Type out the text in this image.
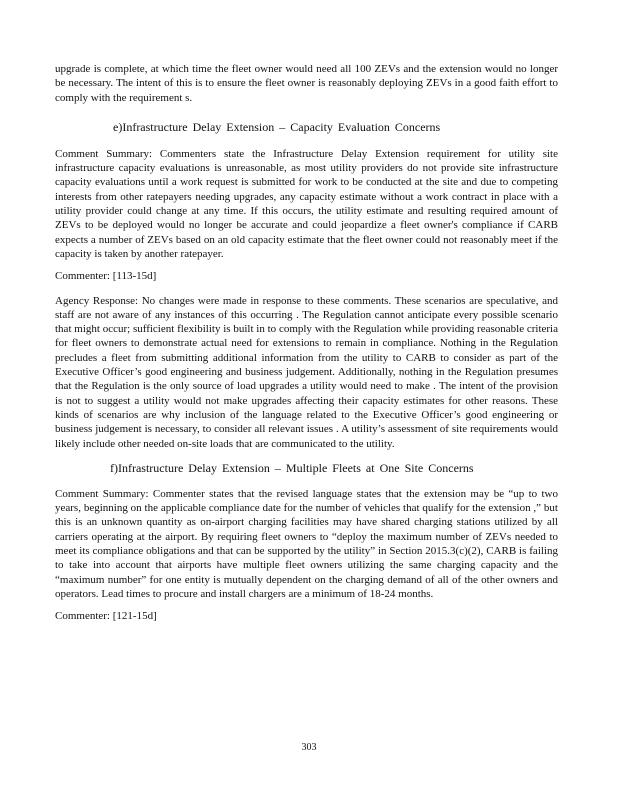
upgrade is complete, at which time the fleet owner would need all 100 ZEVs and the extension would no longer be necessary. The intent of this is to ensure the fleet owner is reasonably deploying ZEVs in a good faith effort to comply with the requirement s.

e)Infrastructure Delay Extension – Capacity Evaluation Concerns

Comment Summary: Commenters state the Infrastructure Delay Extension requirement for utility site infrastructure capacity evaluations is unreasonable, as most utility providers do not provide site infrastructure capacity evaluations until a work request is submitted for work to be conducted at the site and due to competing interests from other ratepayers needing upgrades, any capacity estimate without a work contract in place with a utility provider could change at any time. If this occurs, the utility estimate and resulting required amount of ZEVs to be deployed would no longer be accurate and could jeopardize a fleet owner's compliance if CARB expects a number of ZEVs based on an old capacity estimate that the fleet owner could not reasonably meet if the capacity is taken by another ratepayer.

Commenter: [113-15d]

Agency Response: No changes were made in response to these comments. These scenarios are speculative, and staff are not aware of any instances of this occurring . The Regulation cannot anticipate every possible scenario that might occur; sufficient flexibility is built in to comply with the Regulation while providing reasonable criteria for fleet owners to demonstrate actual need for extensions to remain in compliance. Nothing in the Regulation precludes a fleet from submitting additional information from the utility to CARB to consider as part of the Executive Officer’s good engineering and business judgement. Additionally, nothing in the Regulation presumes that the Regulation is the only source of load upgrades a utility would need to make . The intent of the provision is not to suggest a utility would not make upgrades affecting their capacity estimates for other reasons. These kinds of scenarios are why inclusion of the language related to the Executive Officer’s good engineering or business judgement is necessary, to consider all relevant issues . A utility’s assessment of site requirements would likely include other needed on-site loads that are communicated to the utility.

f)Infrastructure Delay Extension – Multiple Fleets at One Site Concerns

Comment Summary: Commenter states that the revised language states that the extension may be “up to two years, beginning on the applicable compliance date for the number of vehicles that qualify for the extension ,” but this is an unknown quantity as on-airport charging facilities may have shared charging stations utilized by all carriers operating at the airport. By requiring fleet owners to “deploy the maximum number of ZEVs needed to meet its compliance obligations and that can be supported by the utility” in Section 2015.3(c)(2), CARB is failing to take into account that airports have multiple fleet owners utilizing the same charging capacity and the “maximum number” for one entity is mutually dependent on the charging demand of all of the other owners and operators. Lead times to procure and install chargers are a minimum of 18-24 months.

Commenter: [121-15d]

303
